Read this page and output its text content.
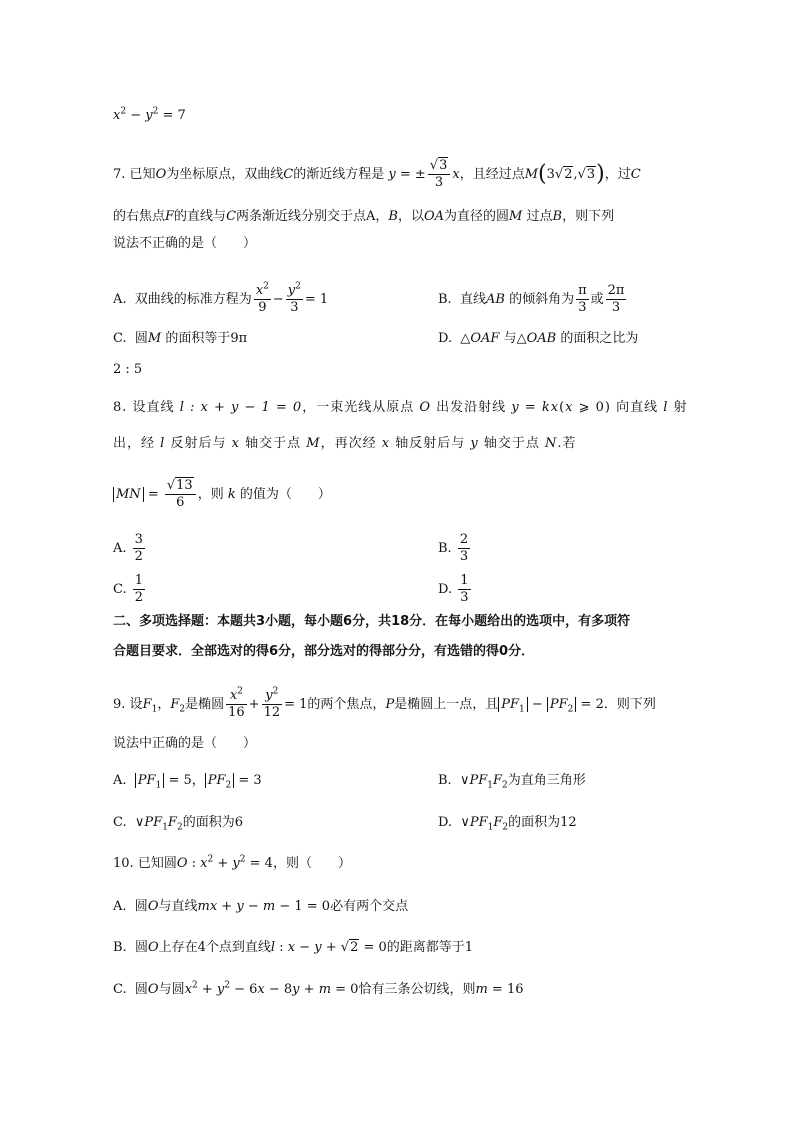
$x^2 - y^2 = 7$
7. 已知O为坐标原点，双曲线C的渐近线方程是 y = ± $\frac{√3}{3}$ x，且经过点M(3√2,√3)，过C
的右焦点F的直线与C两条渐近线分别交于点A，B，以OA为直径的圆M 过点B，则下列
说法不正确的是（　　）
A. 双曲线的标准方程为 $\frac{x^2}{9} - \frac{y^2}{3} = 1$	B. 直线AB 的倾斜角为 $\frac{\pi}{3}$ 或 $\frac{2\pi}{3}$
C. 圆M 的面积等于9π	D.  △OAF 与△OAB 的面积之比为
2 : 5
8. 设直线 l : x + y − 1 = 0，一束光线从原点 O 出发沿射线 y = kx(x ⩾ 0) 向直线 l 射
出，经 l 反射后与 x 轴交于点 M，再次经 x 轴反射后与 y 轴交于点 N.若
MN = $\frac{√13}{6}$ ，则 k 的值为（　　）
A. $\frac{3}{2}$	B. $\frac{2}{3}$
C. $\frac{1}{2}$	D. $\frac{1}{3}$
二、多项选择题：本题共3小题，每小题6分，共18分．在每小题给出的选项中，有多项符
合题目要求．全部选对的得6分，部分选对的得部分分，有选错的得0分．
9. 设$F_1$，$F_2$是椭圆 $\frac{x^2}{16} + \frac{y^2}{12} = 1$的两个焦点，P是椭圆上一点，且 $PF_1 - PF_2 = 2$．则下列
说法中正确的是（　　）
A. $PF_1 = 5$， $PF_2 = 3$	B.  $\vee PF_1F_2$为直角三角形
C.  $\vee PF_1F_2$的面积为6	D.  $\vee PF_1F_2$的面积为12
10. 已知圆O : $x^2 + y^2 = 4$，则（　　）
A. 圆O与直线mx + y − m − 1 = 0必有两个交点
B. 圆O上存在4个点到直线l : x − y + √2 = 0的距离都等于1
C. 圆O与圆$x^2 + y^2 - 6x - 8y + m = 0$恰有三条公切线，则m = 16
